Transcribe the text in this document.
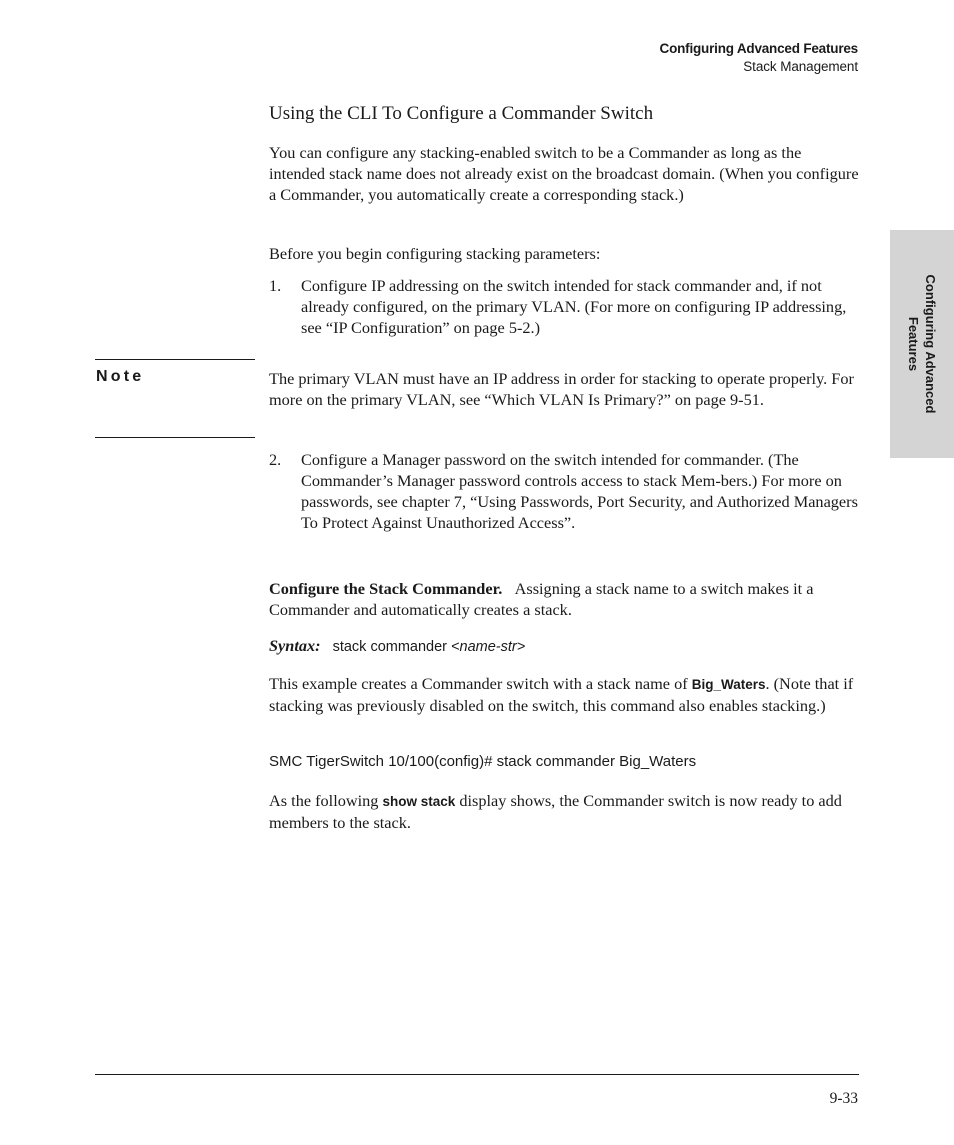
Configuring Advanced Features
Stack Management
Configuring Advanced
Features
Using the CLI To Configure a Commander Switch
You can configure any stacking-enabled switch to be a Commander as long as the intended stack name does not already exist on the broadcast domain. (When you configure a Commander, you automatically create a corresponding stack.)
Before you begin configuring stacking parameters:
1. Configure IP addressing on the switch intended for stack commander and, if not already configured, on the primary VLAN. (For more on configuring IP addressing, see “IP Configuration” on page 5-2.)
Note	The primary VLAN must have an IP address in order for stacking to operate properly. For more on the primary VLAN, see “Which VLAN Is Primary?” on page 9-51.
2. Configure a Manager password on the switch intended for commander. (The Commander’s Manager password controls access to stack Mem-bers.) For more on passwords, see chapter 7, “Using Passwords, Port Security, and Authorized Managers To Protect Against Unauthorized Access”.
Configure the Stack Commander. Assigning a stack name to a switch makes it a Commander and automatically creates a stack.
Syntax: stack commander <name-str>
This example creates a Commander switch with a stack name of Big_Waters. (Note that if stacking was previously disabled on the switch, this command also enables stacking.)
SMC TigerSwitch 10/100(config)# stack commander Big_Waters
As the following show stack display shows, the Commander switch is now ready to add members to the stack.
9-33
